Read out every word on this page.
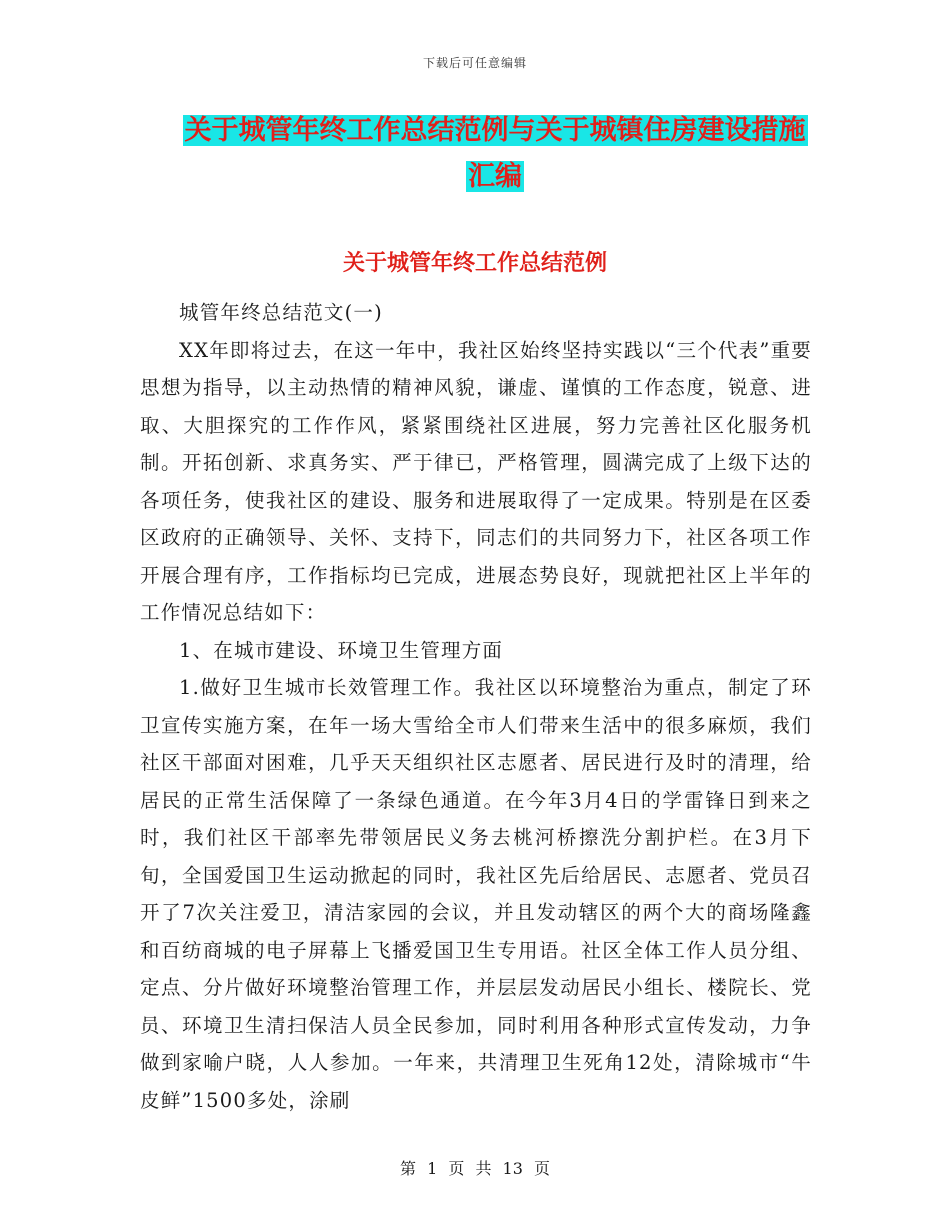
下载后可任意编辑
关于城管年终工作总结范例与关于城镇住房建设措施
汇编
关于城管年终工作总结范例

城管年终总结范文(一)

XX年即将过去，在这一年中，我社区始终坚持实践以“三个代表”重要思想为指导，以主动热情的精神风貌，谦虚、谨慎的工作态度，锐意、进取、大胆探究的工作作风，紧紧围绕社区进展，努力完善社区化服务机制。开拓创新、求真务实、严于律已，严格管理，圆满完成了上级下达的各项任务，使我社区的建设、服务和进展取得了一定成果。特别是在区委区政府的正确领导、关怀、支持下，同志们的共同努力下，社区各项工作开展合理有序，工作指标均已完成，进展态势良好，现就把社区上半年的工作情况总结如下：

1、在城市建设、环境卫生管理方面

1.做好卫生城市长效管理工作。我社区以环境整治为重点，制定了环卫宣传实施方案，在年一场大雪给全市人们带来生活中的很多麻烦，我们社区干部面对困难，几乎天天组织社区志愿者、居民进行及时的清理，给居民的正常生活保障了一条绿色通道。在今年3月4日的学雷锋日到来之时，我们社区干部率先带领居民义务去桃河桥擦洗分割护栏。在3月下旬，全国爱国卫生运动掀起的同时，我社区先后给居民、志愿者、党员召开了7次关注爱卫，清洁家园的会议，并且发动辖区的两个大的商场隆鑫和百纺商城的电子屏幕上飞播爱国卫生专用语。社区全体工作人员分组、定点、分片做好环境整治管理工作，并层层发动居民小组长、楼院长、党员、环境卫生清扫保洁人员全民参加，同时利用各种形式宣传发动，力争做到家喻户晓，人人参加。一年来，共清理卫生死角12处，清除城市“牛皮鲜”1500多处，涂刷

第 1 页 共 13 页
